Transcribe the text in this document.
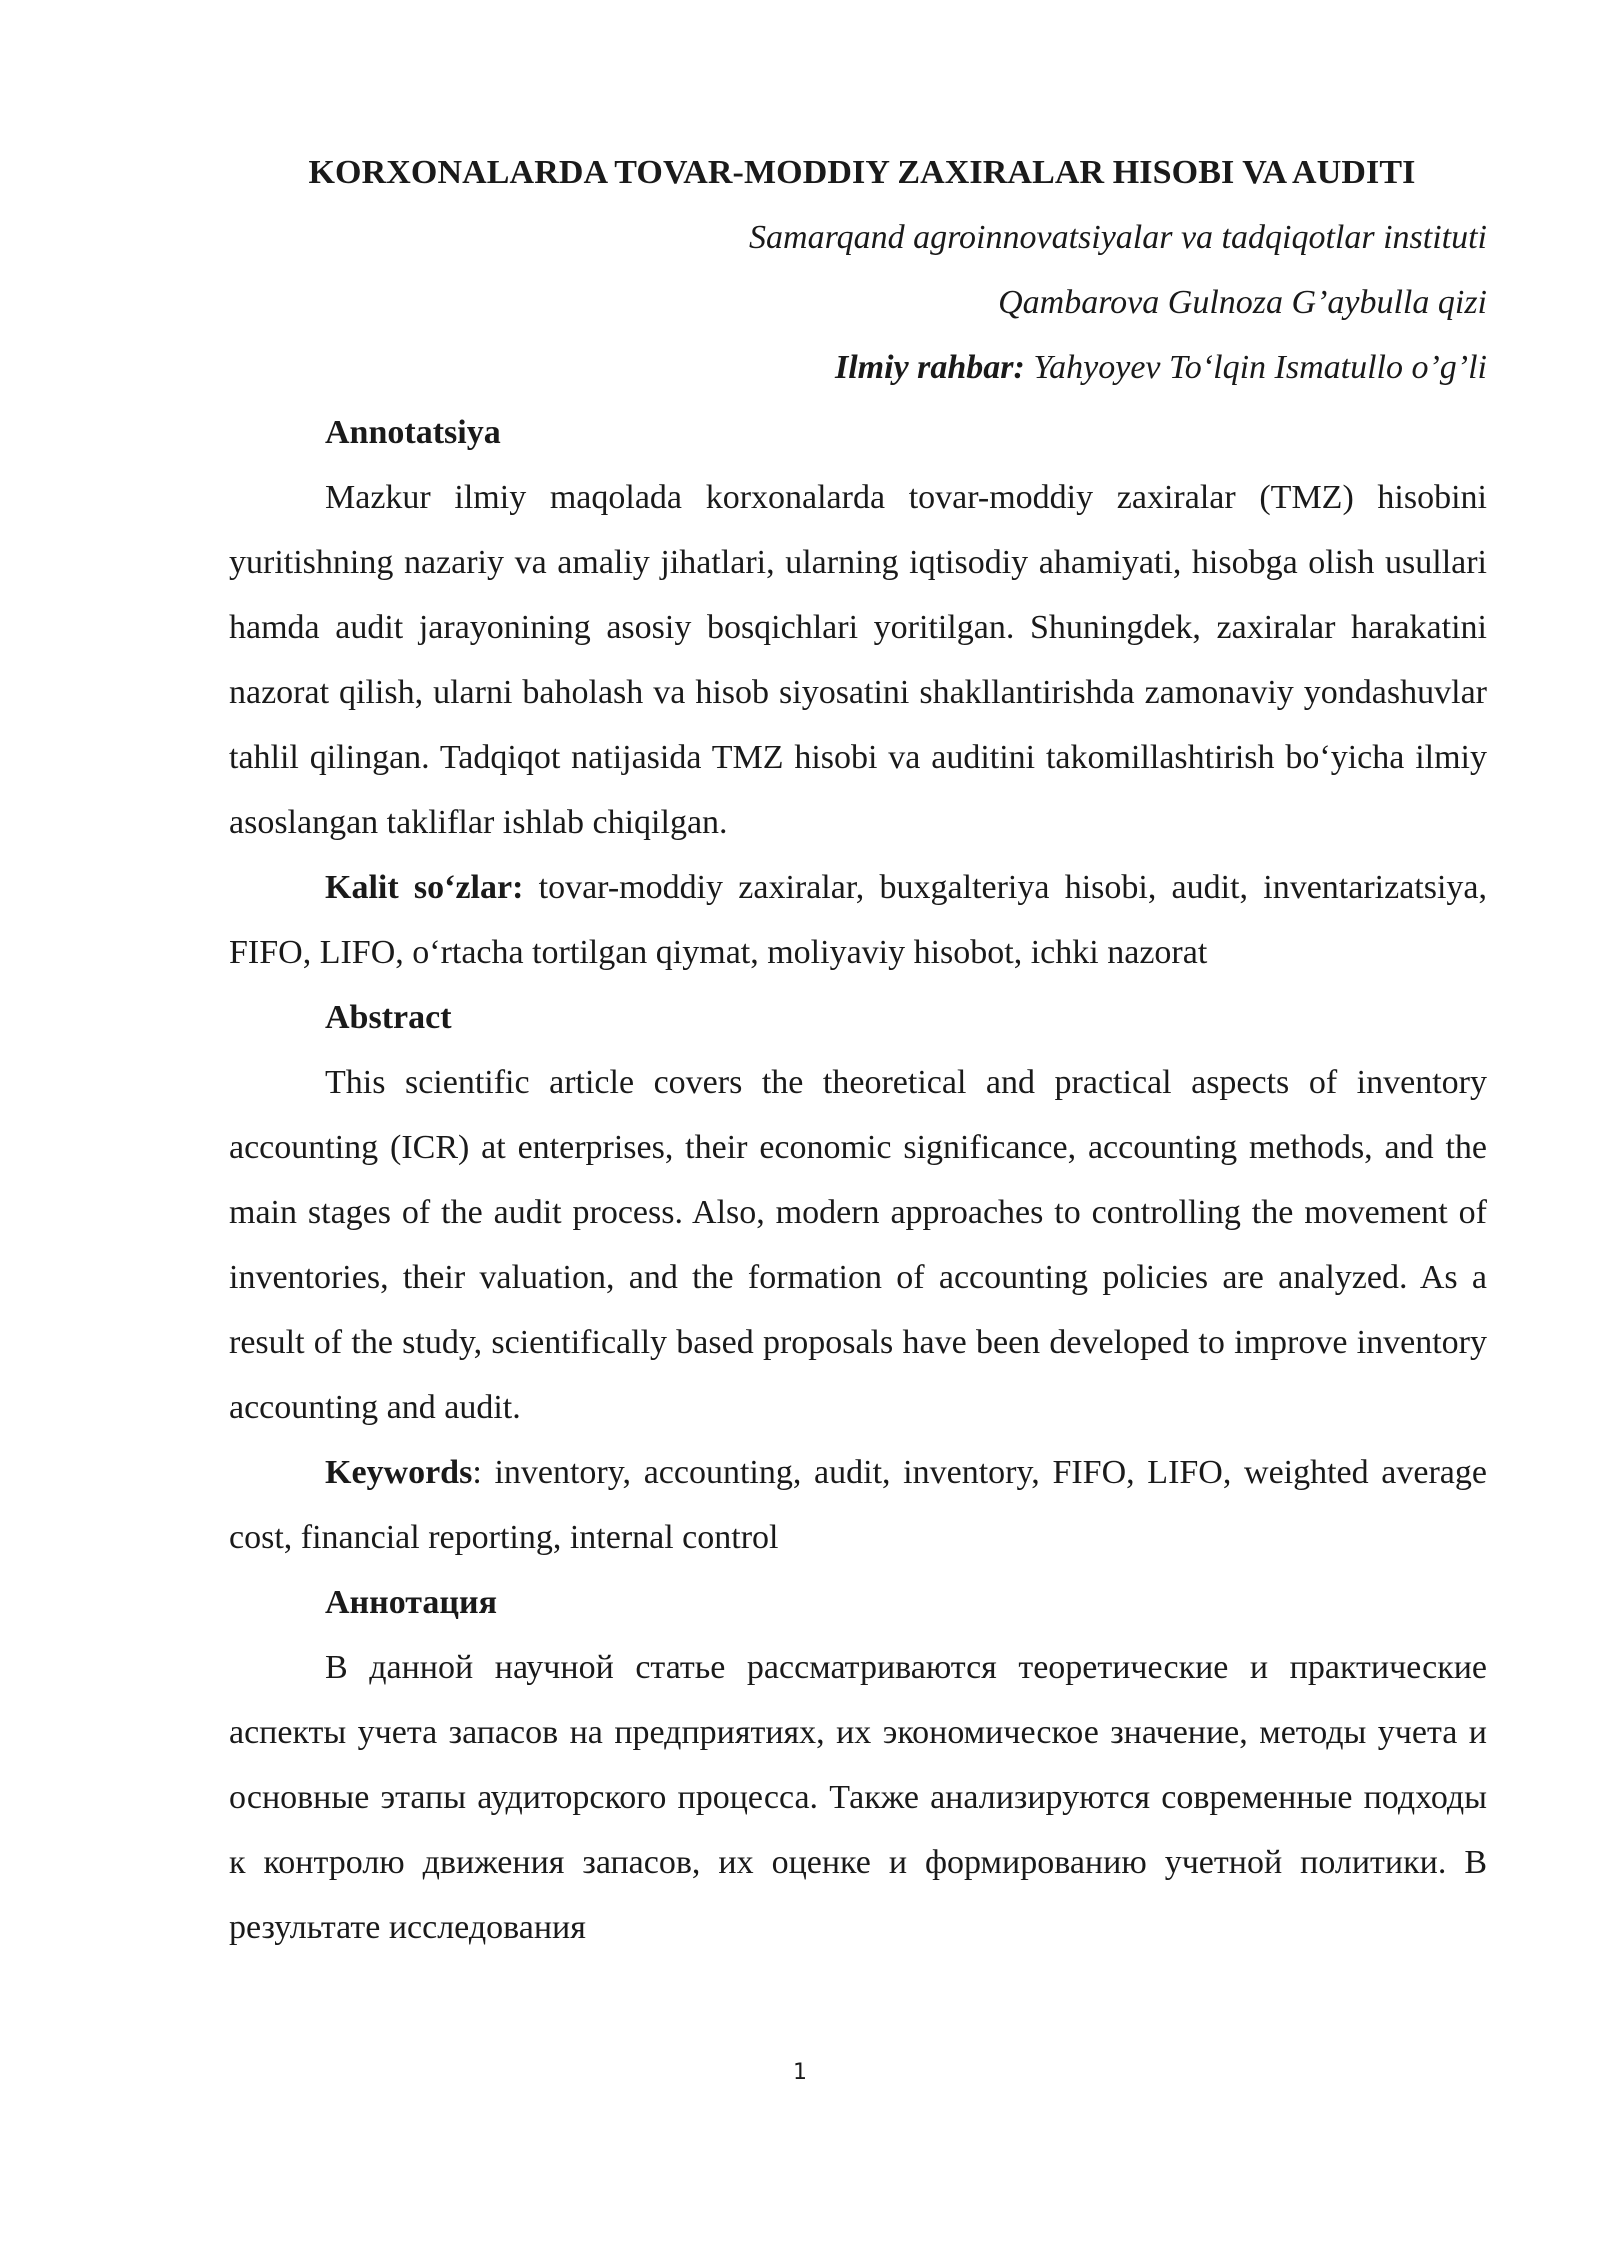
KORXONALARDA TOVAR-MODDIY ZAXIRALAR HISOBI VA AUDITI

Samarqand agroinnovatsiyalar va tadqiqotlar instituti

Qambarova Gulnoza G’aybulla qizi

Ilmiy rahbar: Yahyoyev To‘lqin Ismatullo o’g’li

Annotatsiya

Mazkur ilmiy maqolada korxonalarda tovar-moddiy zaxiralar (TMZ) hisobini yuritishning nazariy va amaliy jihatlari, ularning iqtisodiy ahamiyati, hisobga olish usullari hamda audit jarayonining asosiy bosqichlari yoritilgan. Shuningdek, zaxiralar harakatini nazorat qilish, ularni baholash va hisob siyosatini shakllantirishda zamonaviy yondashuvlar tahlil qilingan. Tadqiqot natijasida TMZ hisobi va auditini takomillashtirish bo‘yicha ilmiy asoslangan takliflar ishlab chiqilgan.

Kalit so‘zlar: tovar-moddiy zaxiralar, buxgalteriya hisobi, audit, inventarizatsiya, FIFO, LIFO, o‘rtacha tortilgan qiymat, moliyaviy hisobot, ichki nazorat

Abstract

This scientific article covers the theoretical and practical aspects of inventory accounting (ICR) at enterprises, their economic significance, accounting methods, and the main stages of the audit process. Also, modern approaches to controlling the movement of inventories, their valuation, and the formation of accounting policies are analyzed. As a result of the study, scientifically based proposals have been developed to improve inventory accounting and audit.

Keywords: inventory, accounting, audit, inventory, FIFO, LIFO, weighted average cost, financial reporting, internal control

Аннотация

В данной научной статье рассматриваются теоретические и практические аспекты учета запасов на предприятиях, их экономическое значение, методы учета и основные этапы аудиторского процесса. Также анализируются современные подходы к контролю движения запасов, их оценке и формированию учетной политики. В результате исследования

1
